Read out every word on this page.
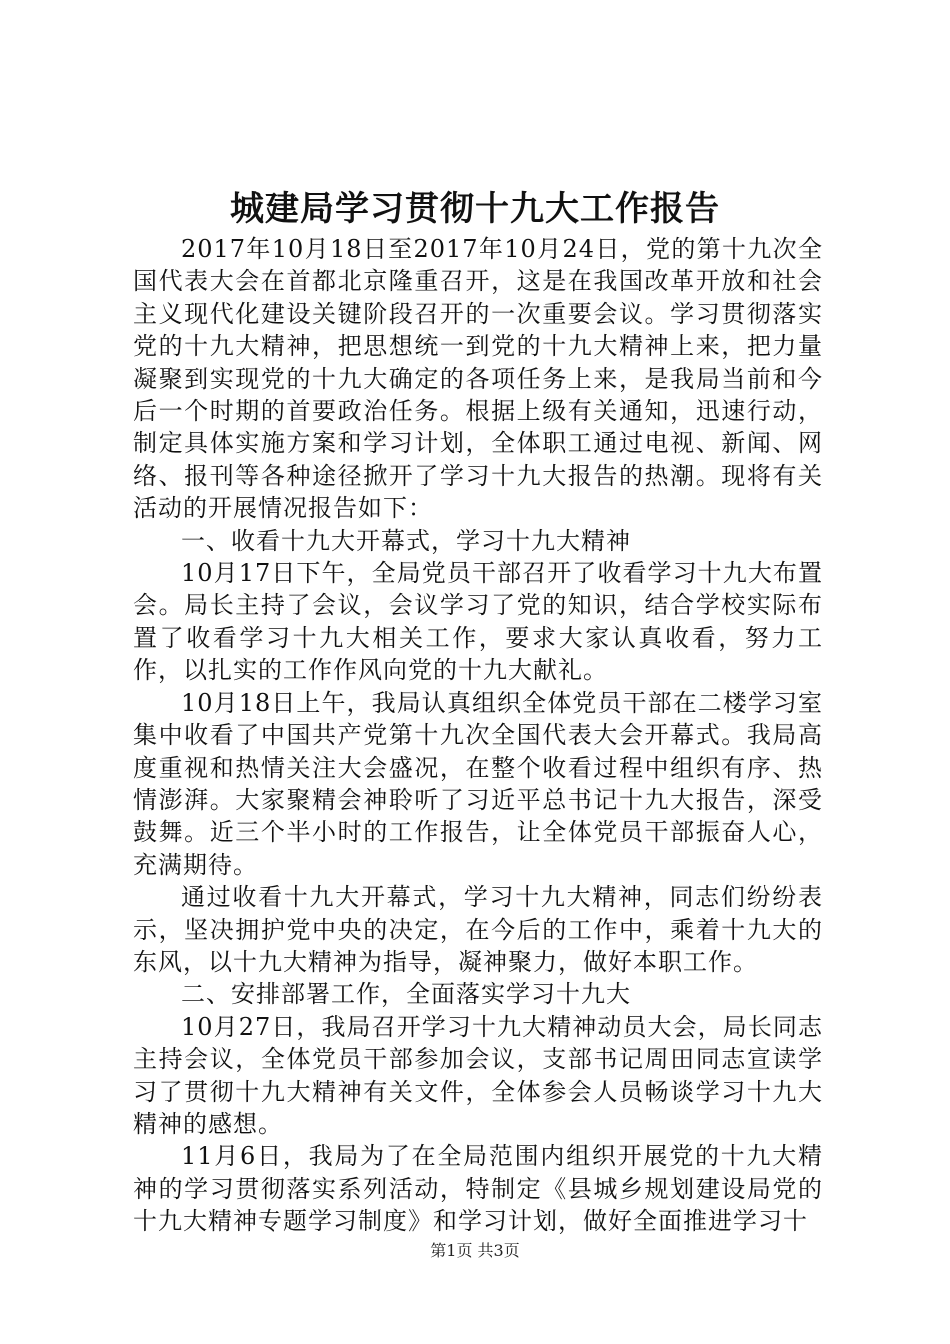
城建局学习贯彻十九大工作报告

2017年10月18日至2017年10月24日，党的第十九次全国代表大会在首都北京隆重召开，这是在我国改革开放和社会主义现代化建设关键阶段召开的一次重要会议。学习贯彻落实党的十九大精神，把思想统一到党的十九大精神上来，把力量凝聚到实现党的十九大确定的各项任务上来，是我局当前和今后一个时期的首要政治任务。根据上级有关通知，迅速行动，制定具体实施方案和学习计划，全体职工通过电视、新闻、网络、报刊等各种途径掀开了学习十九大报告的热潮。现将有关活动的开展情况报告如下：

一、收看十九大开幕式，学习十九大精神

10月17日下午，全局党员干部召开了收看学习十九大布置会。局长主持了会议，会议学习了党的知识，结合学校实际布置了收看学习十九大相关工作，要求大家认真收看，努力工作，以扎实的工作作风向党的十九大献礼。

10月18日上午，我局认真组织全体党员干部在二楼学习室集中收看了中国共产党第十九次全国代表大会开幕式。我局高度重视和热情关注大会盛况，在整个收看过程中组织有序、热情澎湃。大家聚精会神聆听了习近平总书记十九大报告，深受鼓舞。近三个半小时的工作报告，让全体党员干部振奋人心，充满期待。

通过收看十九大开幕式，学习十九大精神，同志们纷纷表示，坚决拥护党中央的决定，在今后的工作中，乘着十九大的东风，以十九大精神为指导，凝神聚力，做好本职工作。

二、安排部署工作，全面落实学习十九大

10月27日，我局召开学习十九大精神动员大会，局长同志主持会议，全体党员干部参加会议，支部书记周田同志宣读学习了贯彻十九大精神有关文件，全体参会人员畅谈学习十九大精神的感想。

11月6日，我局为了在全局范围内组织开展党的十九大精神的学习贯彻落实系列活动，特制定《县城乡规划建设局党的十九大精神专题学习制度》和学习计划，做好全面推进学习十

第1页 共3页
